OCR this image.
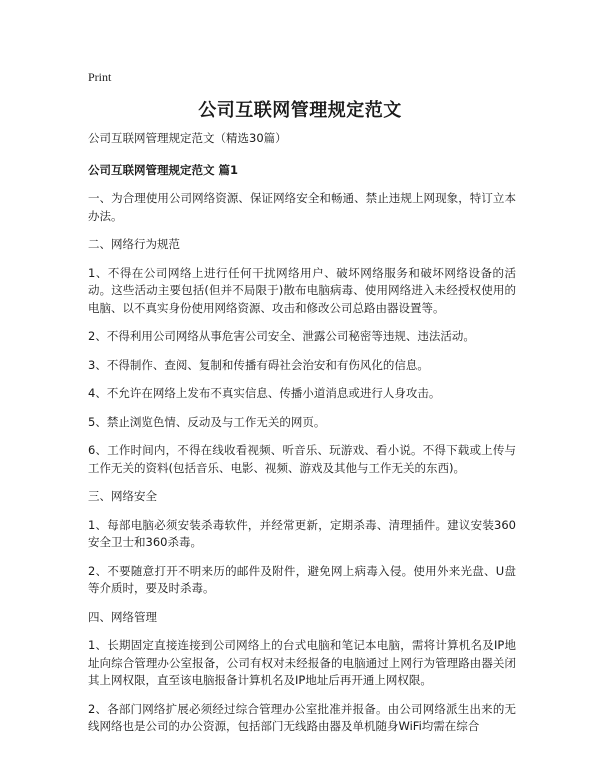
Print
公司互联网管理规定范文

公司互联网管理规定范文（精选30篇）

公司互联网管理规定范文 篇1

一、为合理使用公司网络资源、保证网络安全和畅通、禁止违规上网现象，特订立本办法。

二、网络行为规范

1、不得在公司网络上进行任何干扰网络用户、破坏网络服务和破坏网络设备的活动。这些活动主要包括(但并不局限于)散布电脑病毒、使用网络进入未经授权使用的电脑、以不真实身份使用网络资源、攻击和修改公司总路由器设置等。

2、不得利用公司网络从事危害公司安全、泄露公司秘密等违规、违法活动。

3、不得制作、查阅、复制和传播有碍社会治安和有伤风化的信息。

4、不允许在网络上发布不真实信息、传播小道消息或进行人身攻击。

5、禁止浏览色情、反动及与工作无关的网页。

6、工作时间内，不得在线收看视频、听音乐、玩游戏、看小说。不得下载或上传与工作无关的资料(包括音乐、电影、视频、游戏及其他与工作无关的东西)。

三、网络安全

1、每部电脑必须安装杀毒软件，并经常更新，定期杀毒、清理插件。建议安装360安全卫士和360杀毒。

2、不要随意打开不明来历的邮件及附件，避免网上病毒入侵。使用外来光盘、U盘等介质时，要及时杀毒。

四、网络管理

1、长期固定直接连接到公司网络上的台式电脑和笔记本电脑，需将计算机名及IP地址向综合管理办公室报备，公司有权对未经报备的电脑通过上网行为管理路由器关闭其上网权限，直至该电脑报备计算机名及IP地址后再开通上网权限。

2、各部门网络扩展必须经过综合管理办公室批准并报备。由公司网络派生出来的无线网络也是公司的办公资源，包括部门无线路由器及单机随身WiFi均需在综合
